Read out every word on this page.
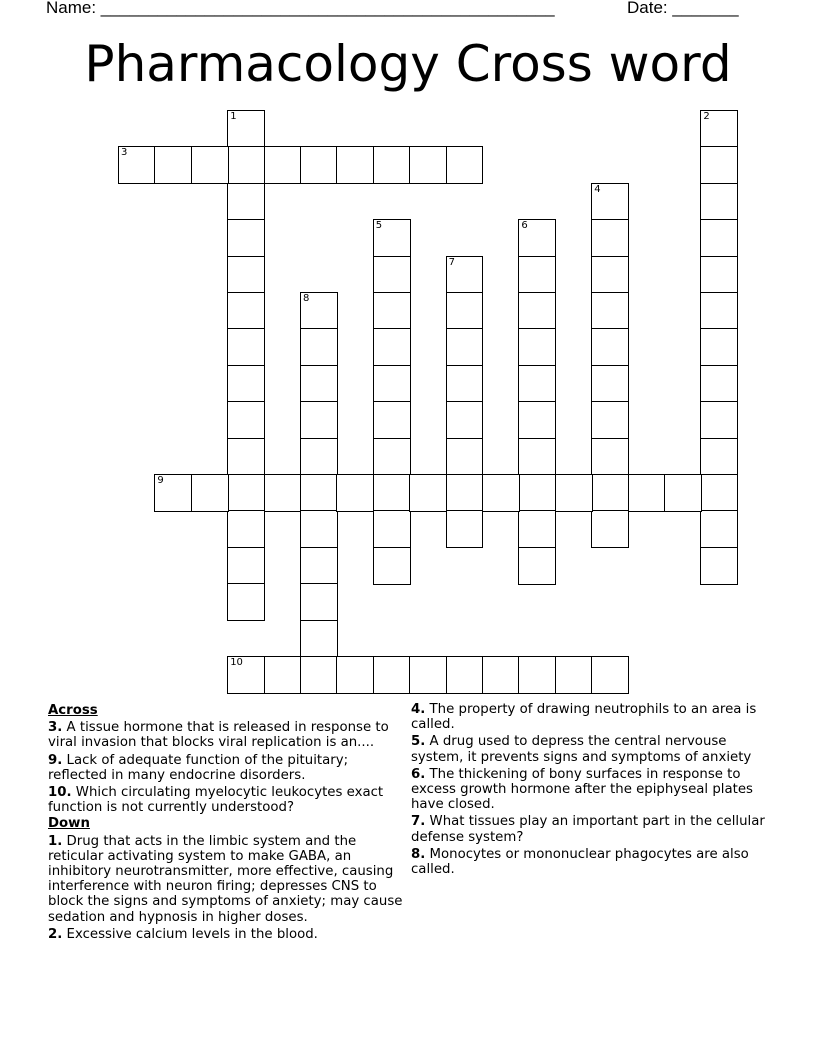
Name: ________________________________________________	Date: _______
Pharmacology Cross word
1	2
3
4
5	6
7
8
9
10
Across
3. A tissue hormone that is released in response to viral invasion that blocks viral replication is an....
9. Lack of adequate function of the pituitary; reflected in many endocrine disorders.
10. Which circulating myelocytic leukocytes exact function is not currently understood?
Down
1. Drug that acts in the limbic system and the reticular activating system to make GABA, an inhibitory neurotransmitter, more effective, causing interference with neuron firing; depresses CNS to block the signs and symptoms of anxiety; may cause sedation and hypnosis in higher doses.
2. Excessive calcium levels in the blood.
4. The property of drawing neutrophils to an area is called.
5. A drug used to depress the central nervouse system, it prevents signs and symptoms of anxiety
6. The thickening of bony surfaces in response to excess growth hormone after the epiphyseal plates have closed.
7. What tissues play an important part in the cellular defense system?
8. Monocytes or mononuclear phagocytes are also called.
